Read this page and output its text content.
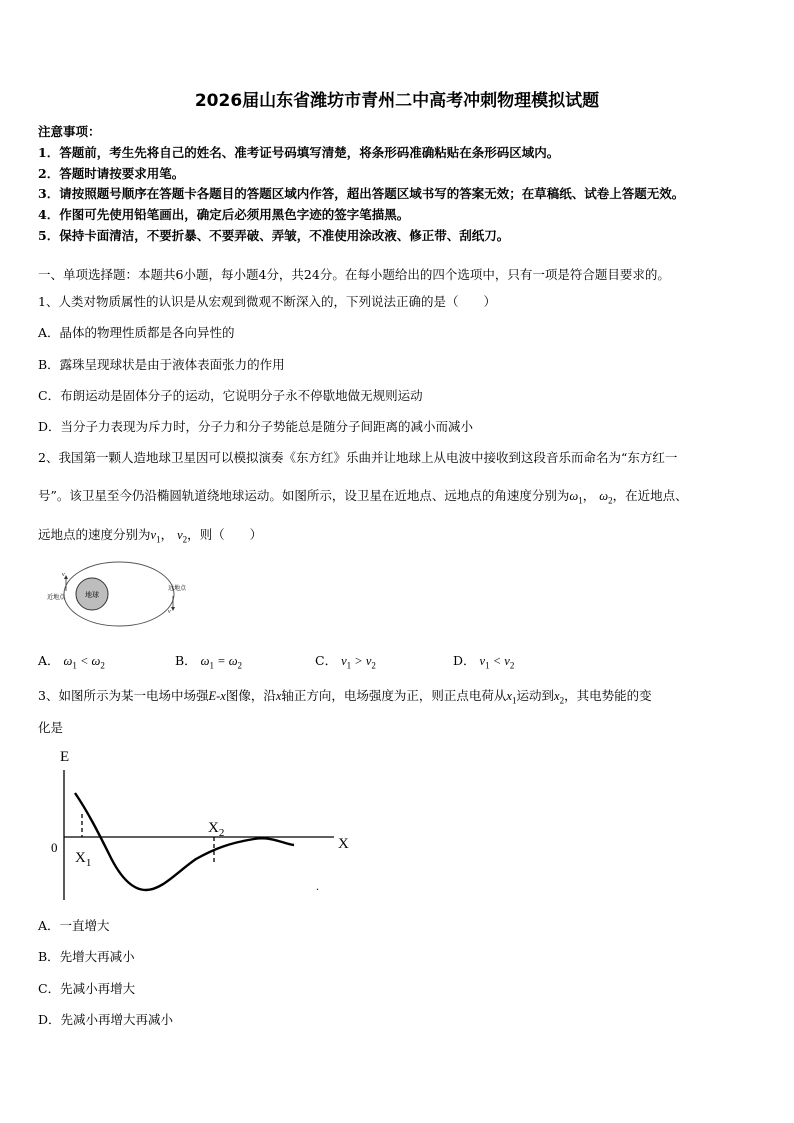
2026届山东省潍坊市青州二中高考冲刺物理模拟试题
注意事项：
1．答题前，考生先将自己的姓名、准考证号码填写清楚，将条形码准确粘贴在条形码区域内。
2．答题时请按要求用笔。
3．请按照题号顺序在答题卡各题目的答题区域内作答，超出答题区域书写的答案无效；在草稿纸、试卷上答题无效。
4．作图可先使用铅笔画出，确定后必须用黑色字迹的签字笔描黑。
5．保持卡面清洁，不要折暴、不要弄破、弄皱，不准使用涂改液、修正带、刮纸刀。
一、单项选择题：本题共6小题，每小题4分，共24分。在每小题给出的四个选项中，只有一项是符合题目要求的。
1、人类对物质属性的认识是从宏观到微观不断深入的，下列说法正确的是（　　）
A．晶体的物理性质都是各向异性的
B．露珠呈现球状是由于液体表面张力的作用
C．布朗运动是固体分子的运动，它说明分子永不停歇地做无规则运动
D．当分子力表现为斥力时，分子力和分子势能总是随分子间距离的减小而减小
2、我国第一颗人造地球卫星因可以模拟演奏《东方红》乐曲并让地球上从电波中接收到这段音乐而命名为“东方红一
号”。该卫星至今仍沿椭圆轨道绕地球运动。如图所示，设卫星在近地点、远地点的角速度分别为$\omega_1$， $\omega_2$，在近地点、
远地点的速度分别为$v_1$， $v_2$，则（　　）
地球
近地点
远地点
v
v
A． $\omega_1 < \omega_2$	B． $\omega_1 = \omega_2$	C． $v_1 > v_2$	D． $v_1 < v_2$
3、如图所示为某一电场中场强E-x图像，沿x轴正方向，电场强度为正，则正点电荷从$x_1$运动到$x_2$，其电势能的变
化是
E
X
0
$X_1$
$X_2$
.
A．一直增大
B．先增大再减小
C．先减小再增大
D．先减小再增大再减小
